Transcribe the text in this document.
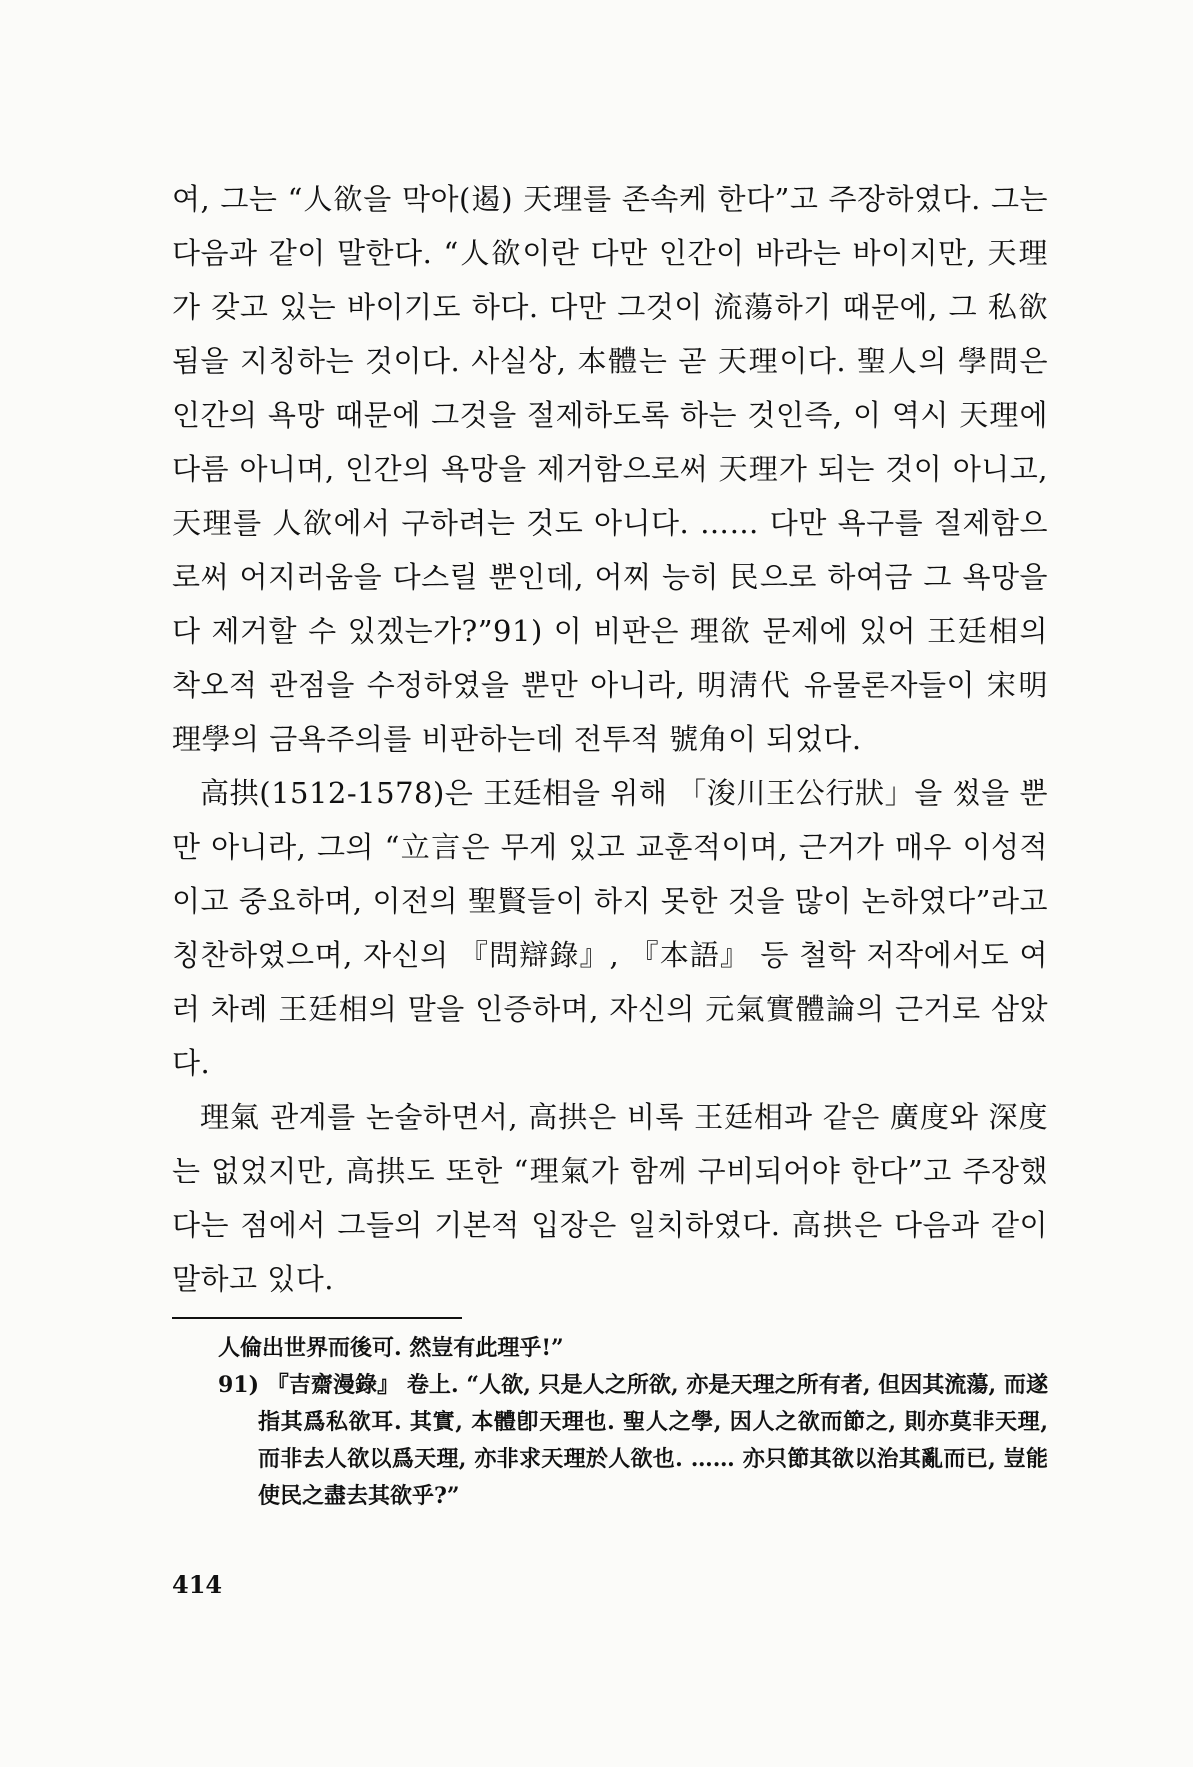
여, 그는 “人欲을 막아(遏) 天理를 존속케 한다”고 주장하였다. 그는 다음과 같이 말한다. “人欲이란 다만 인간이 바라는 바이지만, 天理가 갖고 있는 바이기도 하다. 다만 그것이 流蕩하기 때문에, 그 私欲됨을 지칭하는 것이다. 사실상, 本體는 곧 天理이다. 聖人의 學問은 인간의 욕망 때문에 그것을 절제하도록 하는 것인즉, 이 역시 天理에 다름 아니며, 인간의 욕망을 제거함으로써 天理가 되는 것이 아니고, 天理를 人欲에서 구하려는 것도 아니다. …… 다만 욕구를 절제함으로써 어지러움을 다스릴 뿐인데, 어찌 능히 民으로 하여금 그 욕망을 다 제거할 수 있겠는가?”91) 이 비판은 理欲 문제에 있어 王廷相의 착오적 관점을 수정하였을 뿐만 아니라, 明淸代 유물론자들이 宋明理學의 금욕주의를 비판하는데 전투적 號角이 되었다.

高拱(1512-1578)은 王廷相을 위해 「浚川王公行狀」을 썼을 뿐만 아니라, 그의 “立言은 무게 있고 교훈적이며, 근거가 매우 이성적이고 중요하며, 이전의 聖賢들이 하지 못한 것을 많이 논하였다”라고 칭찬하였으며, 자신의 『問辯錄』, 『本語』 등 철학 저작에서도 여러 차례 王廷相의 말을 인증하며, 자신의 元氣實體論의 근거로 삼았다.

理氣 관계를 논술하면서, 高拱은 비록 王廷相과 같은 廣度와 深度는 없었지만, 高拱도 또한 “理氣가 함께 구비되어야 한다”고 주장했다는 점에서 그들의 기본적 입장은 일치하였다. 高拱은 다음과 같이 말하고 있다.

人倫出世界而後可. 然豈有此理乎!”

91) 『吉齋漫錄』 卷上. “人欲, 只是人之所欲, 亦是天理之所有者, 但因其流蕩, 而遂指其爲私欲耳. 其實, 本體卽天理也. 聖人之學, 因人之欲而節之, 則亦莫非天理, 而非去人欲以爲天理, 亦非求天理於人欲也. …… 亦只節其欲以治其亂而已, 豈能使民之盡去其欲乎?”

414
